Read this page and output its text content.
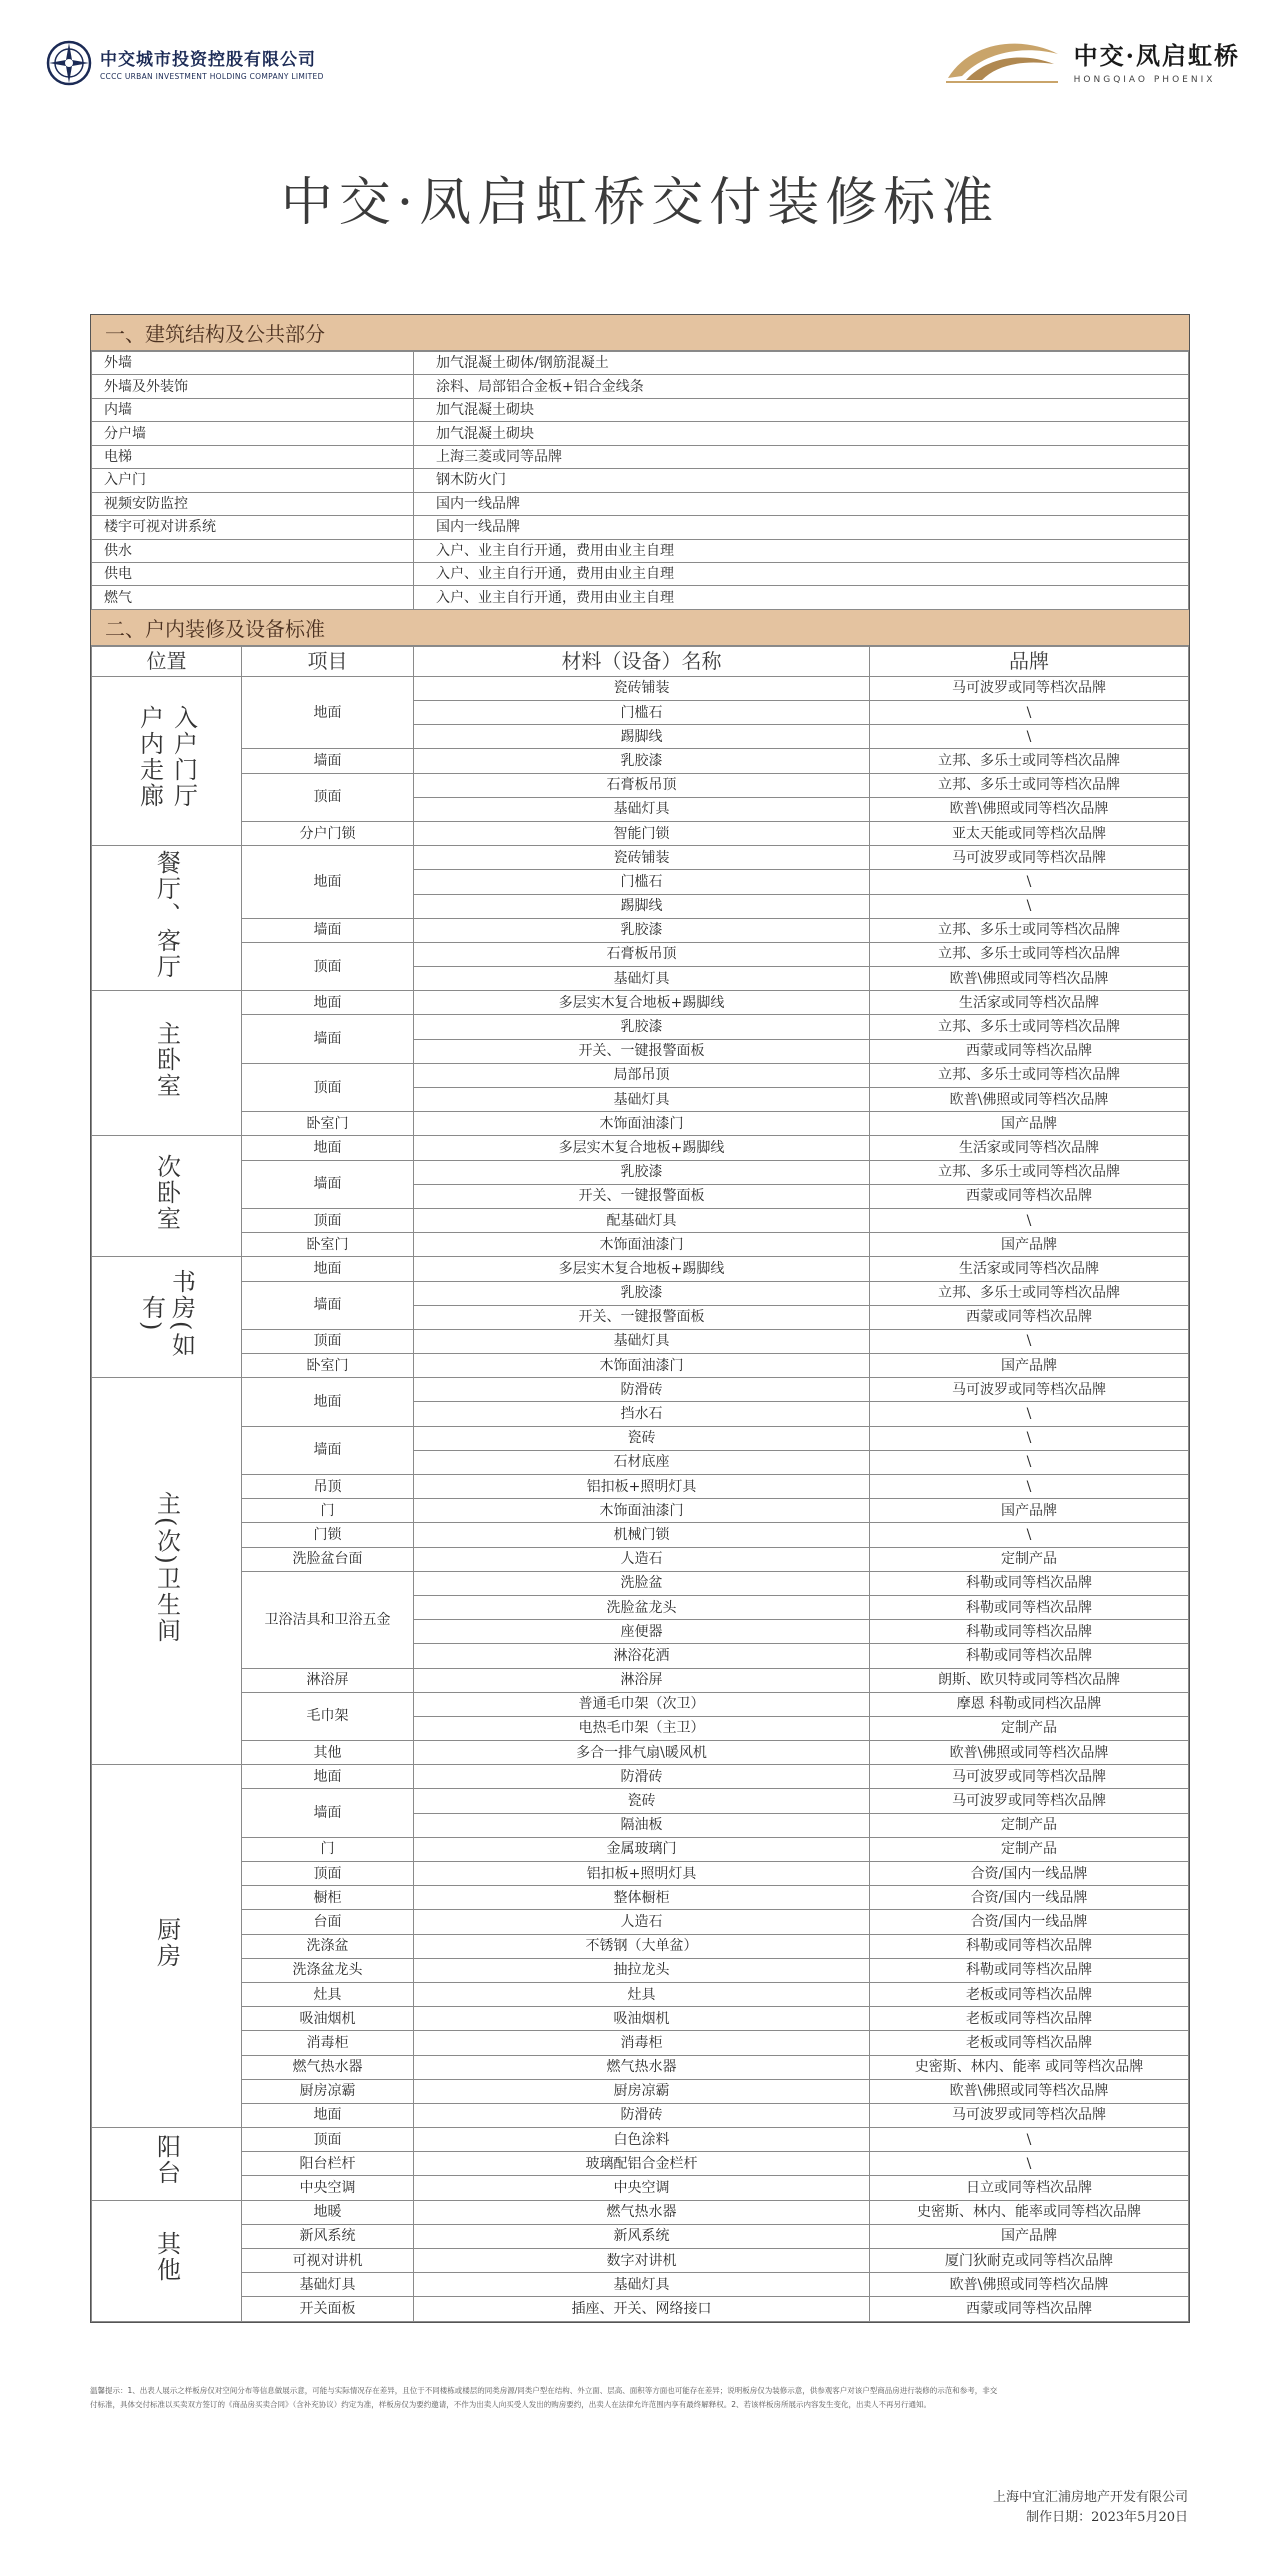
中交城市投资控股有限公司
CCCC URBAN INVESTMENT HOLDING COMPANY LIMITED
中交·凤启虹桥
HONGQIAO PHOENIX
中交·凤启虹桥交付装修标准
一、建筑结构及公共部分
外墙	加气混凝土砌体/钢筋混凝土
外墙及外装饰	涂料、局部铝合金板+铝合金线条
内墙	加气混凝土砌块
分户墙	加气混凝土砌块
电梯	上海三菱或同等品牌
入户门	钢木防火门
视频安防监控	国内一线品牌
楼宇可视对讲系统	国内一线品牌
供水	入户、业主自行开通，费用由业主自理
供电	入户、业主自行开通，费用由业主自理
燃气	入户、业主自行开通，费用由业主自理
二、户内装修及设备标准
位置	项目	材料（设备）名称	品牌

入户门厅
户内走廊	地面	瓷砖铺装	马可波罗或同等档次品牌
		门槛石	\
		踢脚线	\
	墙面	乳胶漆	立邦、多乐士或同等档次品牌
	顶面	石膏板吊顶	立邦、多乐士或同等档次品牌
		基础灯具	欧普\佛照或同等档次品牌
	分户门锁	智能门锁	亚太天能或同等档次品牌
餐厅、客厅	地面	瓷砖铺装	马可波罗或同等档次品牌
		门槛石	\
		踢脚线	\
	墙面	乳胶漆	立邦、多乐士或同等档次品牌
	顶面	石膏板吊顶	立邦、多乐士或同等档次品牌
		基础灯具	欧普\佛照或同等档次品牌
主卧室	地面	多层实木复合地板+踢脚线	生活家或同等档次品牌
	墙面	乳胶漆	立邦、多乐士或同等档次品牌
		开关、一键报警面板	西蒙或同等档次品牌
	顶面	局部吊顶	立邦、多乐士或同等档次品牌
		基础灯具	欧普\佛照或同等档次品牌
	卧室门	木饰面油漆门	国产品牌
次卧室	地面	多层实木复合地板+踢脚线	生活家或同等档次品牌
	墙面	乳胶漆	立邦、多乐士或同等档次品牌
		开关、一键报警面板	西蒙或同等档次品牌
	顶面	配基础灯具	\
	卧室门	木饰面油漆门	国产品牌
书房(如有)	地面	多层实木复合地板+踢脚线	生活家或同等档次品牌
	墙面	乳胶漆	立邦、多乐士或同等档次品牌
		开关、一键报警面板	西蒙或同等档次品牌
	顶面	基础灯具	\
	卧室门	木饰面油漆门	国产品牌
主(次)卫生间	地面	防滑砖	马可波罗或同等档次品牌
		挡水石	\
	墙面	瓷砖	\
		石材底座	\
	吊顶	铝扣板+照明灯具	\
	门	木饰面油漆门	国产品牌
	门锁	机械门锁	\
	洗脸盆台面	人造石	定制产品
	卫浴洁具和卫浴五金	洗脸盆	科勒或同等档次品牌
		洗脸盆龙头	科勒或同等档次品牌
		座便器	科勒或同等档次品牌
		淋浴花洒	科勒或同等档次品牌
	淋浴屏	淋浴屏	朗斯、欧贝特或同等档次品牌
	毛巾架	普通毛巾架（次卫）	摩恩 科勒或同档次品牌
		电热毛巾架（主卫）	定制产品
	其他	多合一排气扇\暖风机	欧普\佛照或同等档次品牌
厨房	地面	防滑砖	马可波罗或同等档次品牌
	墙面	瓷砖	马可波罗或同等档次品牌
		隔油板	定制产品
	门	金属玻璃门	定制产品
	顶面	铝扣板+照明灯具	合资/国内一线品牌
	橱柜	整体橱柜	合资/国内一线品牌
	台面	人造石	合资/国内一线品牌
	洗涤盆	不锈钢（大单盆）	科勒或同等档次品牌
	洗涤盆龙头	抽拉龙头	科勒或同等档次品牌
	灶具	灶具	老板或同等档次品牌
	吸油烟机	吸油烟机	老板或同等档次品牌
	消毒柜	消毒柜	老板或同等档次品牌
	燃气热水器	燃气热水器	史密斯、林内、能率 或同等档次品牌
	厨房凉霸	厨房凉霸	欧普\佛照或同等档次品牌
	地面	防滑砖	马可波罗或同等档次品牌
阳台	顶面	白色涂料	\
	阳台栏杆	玻璃配铝合金栏杆	\
	中央空调	中央空调	日立或同等档次品牌
其他	地暖	燃气热水器	史密斯、林内、能率或同等档次品牌
	新风系统	新风系统	国产品牌
	可视对讲机	数字对讲机	厦门狄耐克或同等档次品牌
	基础灯具	基础灯具	欧普\佛照或同等档次品牌
	开关面板	插座、开关、网络接口	西蒙或同等档次品牌
温馨提示：1、出表人展示之样板房仅对空间分布等信息做展示意，可能与实际情况存在差异，且位于不同楼栋或楼层的同类房源/同类户型在结构、外立面、层高、面积等方面也可能存在差异；说明板房仅为装修示意，供参观客户对该户型商品房进行装修的示范和参考，非交
付标准，具体交付标准以买卖双方签订的《商品房买卖合同》（含补充协议）约定为准，样板房仅为要约邀请，不作为出卖人向买受人发出的购房要约，出卖人在法律允许范围内享有最终解释权。2、若该样板房所展示内容发生变化，出卖人不再另行通知。
上海中宜汇浦房地产开发有限公司
制作日期：2023年5月20日
